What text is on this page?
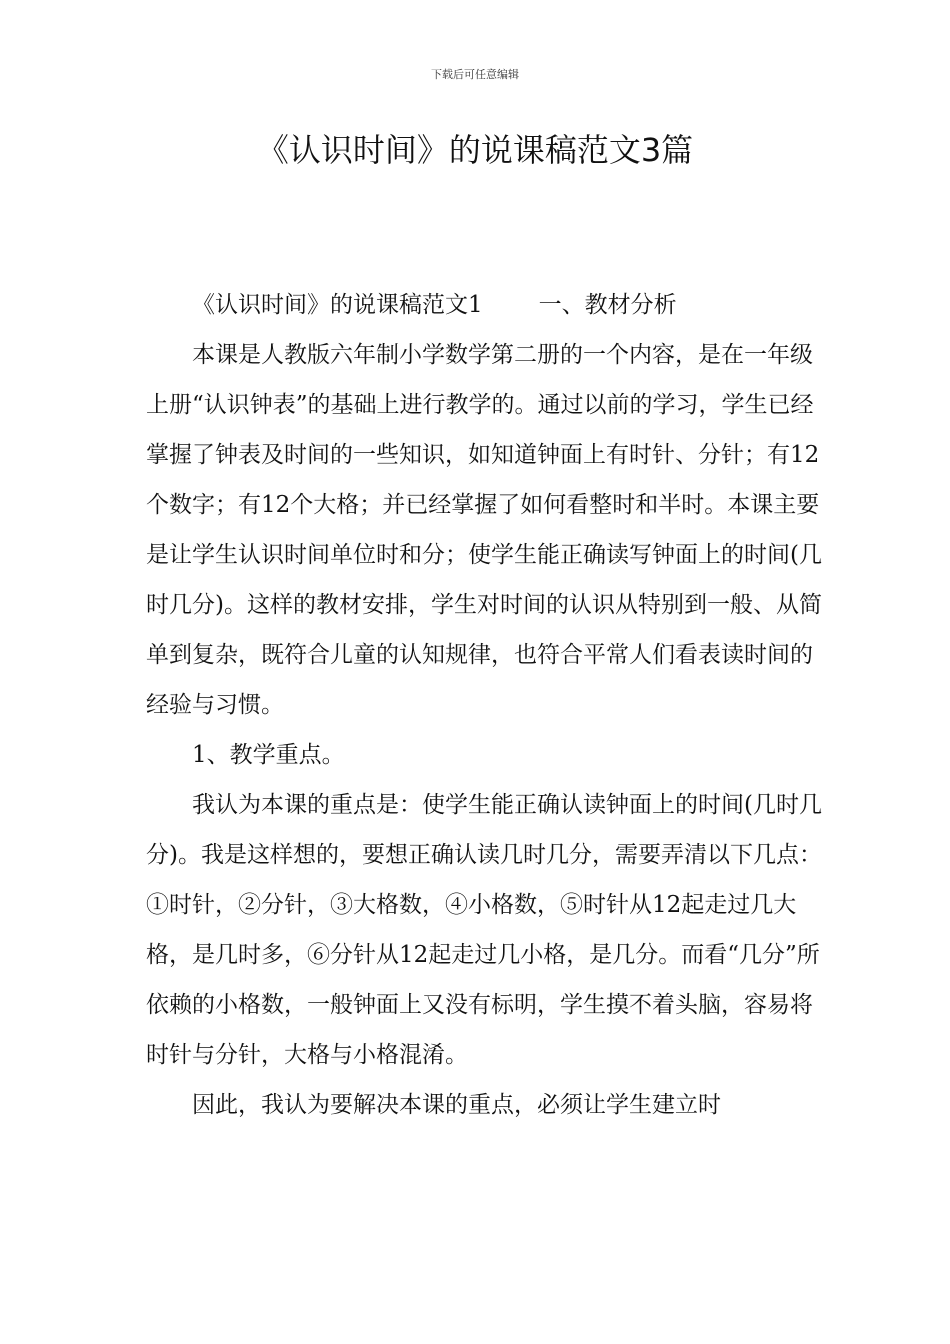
下载后可任意编辑
《认识时间》的说课稿范文3篇

《认识时间》的说课稿范文1 一、教材分析

本课是人教版六年制小学数学第二册的一个内容，是在一年级上册“认识钟表”的基础上进行教学的。通过以前的学习，学生已经掌握了钟表及时间的一些知识，如知道钟面上有时针、分针；有12个数字；有12个大格；并已经掌握了如何看整时和半时。本课主要是让学生认识时间单位时和分；使学生能正确读写钟面上的时间(几时几分)。这样的教材安排，学生对时间的认识从特别到一般、从简单到复杂，既符合儿童的认知规律，也符合平常人们看表读时间的经验与习惯。

1、教学重点。

我认为本课的重点是：使学生能正确认读钟面上的时间(几时几分)。我是这样想的，要想正确认读几时几分，需要弄清以下几点：①时针，②分针，③大格数，④小格数，⑤时针从12起走过几大格，是几时多，⑥分针从12起走过几小格，是几分。而看“几分”所依赖的小格数，一般钟面上又没有标明，学生摸不着头脑，容易将时针与分针，大格与小格混淆。

因此，我认为要解决本课的重点，必须让学生建立时
